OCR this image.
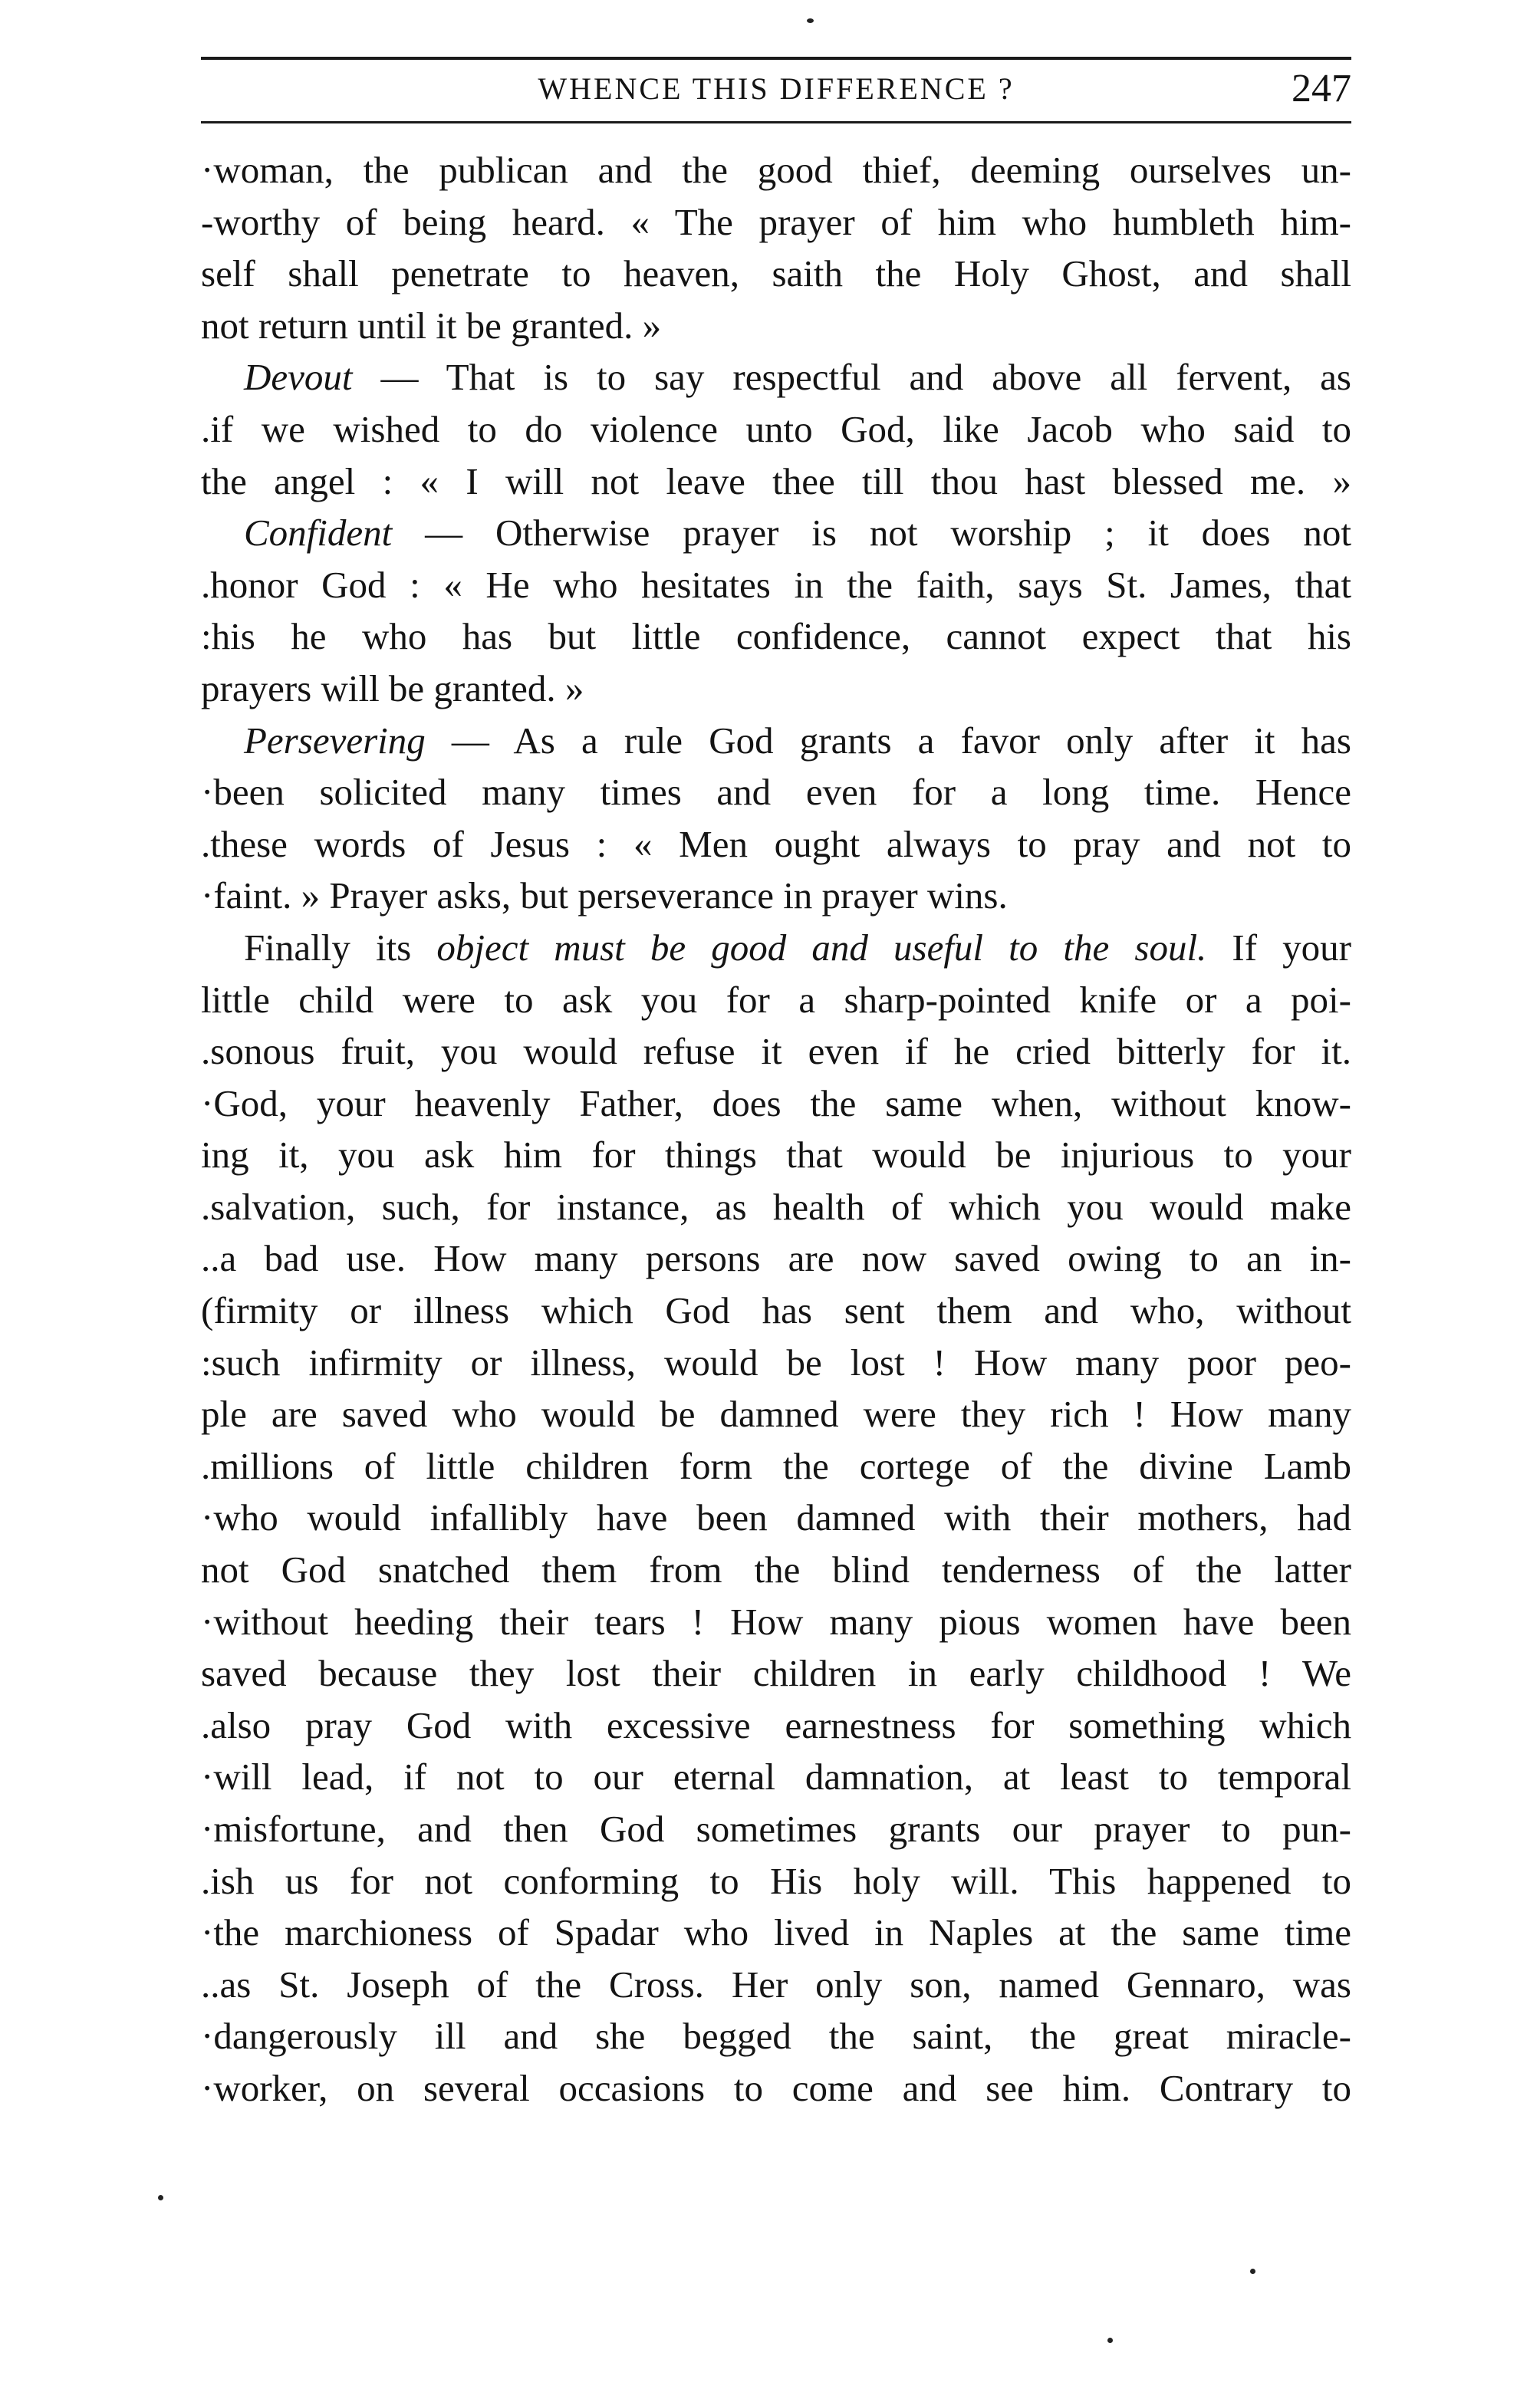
WHENCE THIS DIFFERENCE ?	247
·woman, the publican and the good thief, deeming ourselves un-
-worthy of being heard. « The prayer of him who humbleth him-
self shall penetrate to heaven, saith the Holy Ghost, and shall
not return until it be granted. »
Devout — That is to say respectful and above all fervent, as
.if we wished to do violence unto God, like Jacob who said to
the angel : « I will not leave thee till thou hast blessed me. »
Confident — Otherwise prayer is not worship ; it does not
.honor God : « He who hesitates in the faith, says St. James, that
:his he who has but little confidence, cannot expect that his
prayers will be granted. »
Persevering — As a rule God grants a favor only after it has
·been solicited many times and even for a long time. Hence
.these words of Jesus : « Men ought always to pray and not to
·faint. » Prayer asks, but perseverance in prayer wins.
Finally its object must be good and useful to the soul. If your
little child were to ask you for a sharp-pointed knife or a poi-
.sonous fruit, you would refuse it even if he cried bitterly for it.
·God, your heavenly Father, does the same when, without know-
ing it, you ask him for things that would be injurious to your
.salvation, such, for instance, as health of which you would make
..a bad use. How many persons are now saved owing to an in-
(firmity or illness which God has sent them and who, without
:such infirmity or illness, would be lost ! How many poor peo-
ple are saved who would be damned were they rich ! How many
.millions of little children form the cortege of the divine Lamb
·who would infallibly have been damned with their mothers, had
not God snatched them from the blind tenderness of the latter
·without heeding their tears ! How many pious women have been
saved because they lost their children in early childhood ! We
.also pray God with excessive earnestness for something which
·will lead, if not to our eternal damnation, at least to temporal
·misfortune, and then God sometimes grants our prayer to pun-
.ish us for not conforming to His holy will. This happened to
·the marchioness of Spadar who lived in Naples at the same time
..as St. Joseph of the Cross. Her only son, named Gennaro, was
·dangerously ill and she begged the saint, the great miracle-
·worker, on several occasions to come and see him. Contrary to
